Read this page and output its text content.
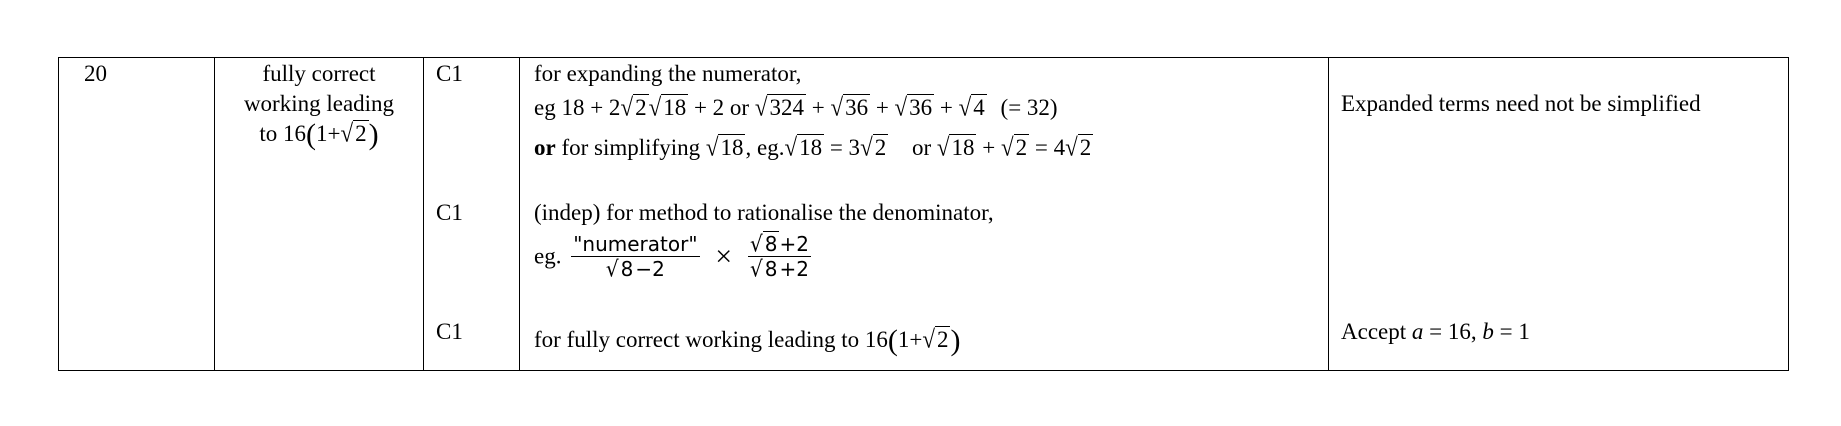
20	fully correct
working leading
to 16(1+√2)
C1
C1
C1
for expanding the numerator,
eg 18 + 2√2√18 + 2 or √324 + √36 + √36 + √4 (= 32)
or for simplifying √18, eg.√18 = 3√2 or √18 + √2 = 4√2
(indep) for method to rationalise the denominator,
eg. $\frac{\text{"numerator"}}{√ 8 -2} \times \frac{√ 8 +2}{√ 8 +2}$
for fully correct working leading to 16(1+√2)
Expanded terms need not be simplified
Accept a = 16, b = 1
